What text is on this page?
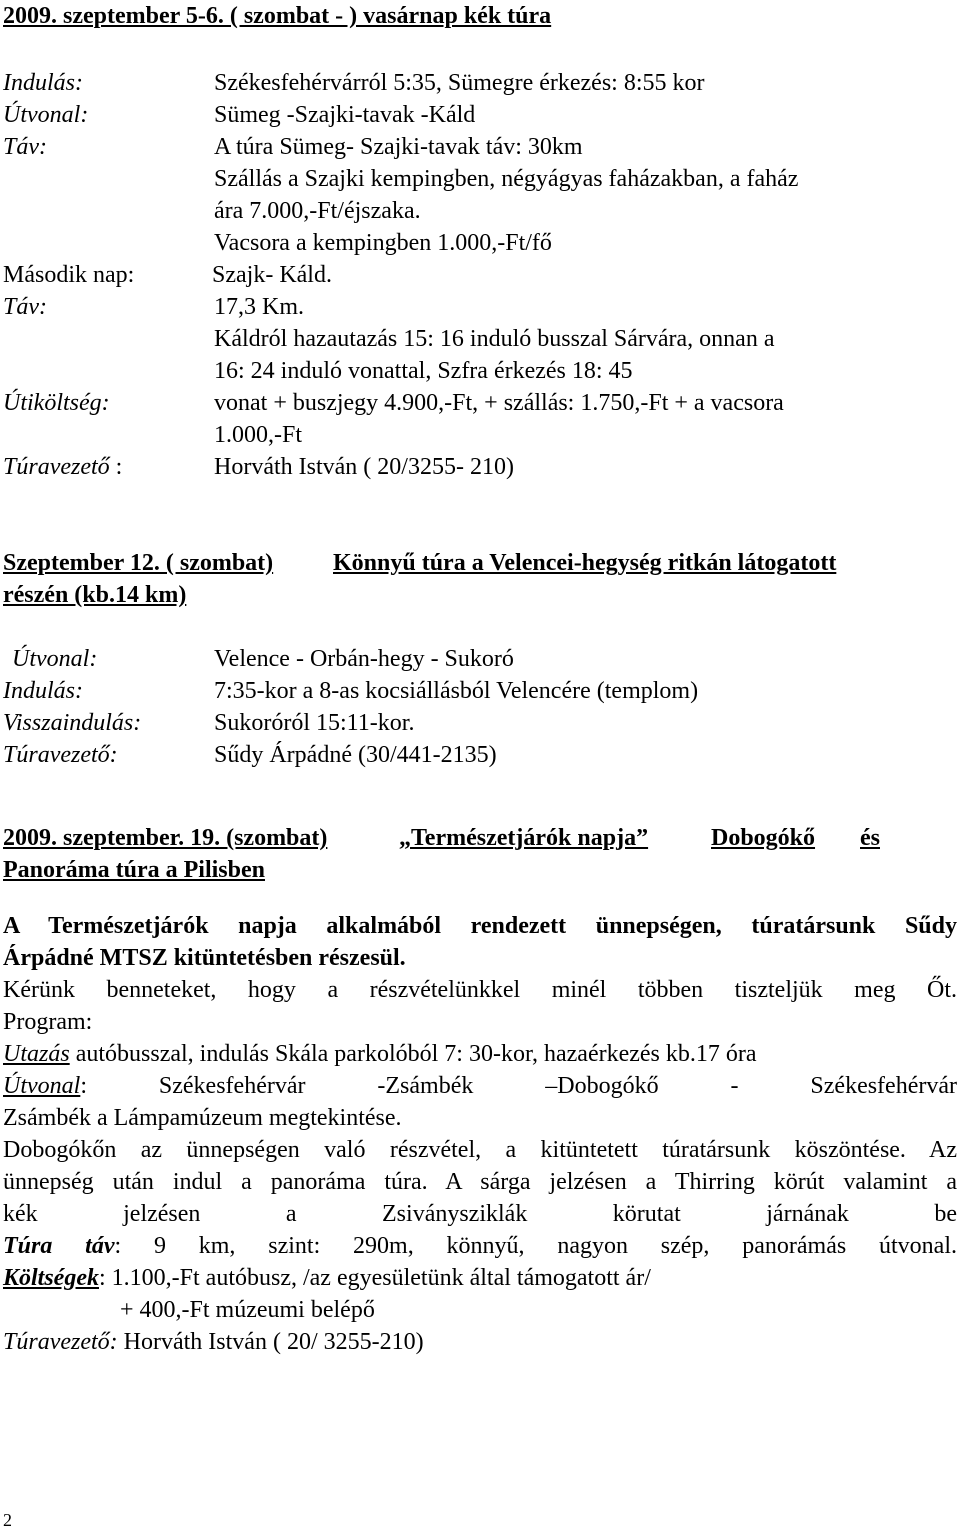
2009. szeptember 5-6. ( szombat - ) vasárnap kék túra
Indulás:	Székesfehérvárról 5:35, Sümegre érkezés: 8:55 kor
Útvonal:	Sümeg -Szajki-tavak -Káld
Táv:	A túra Sümeg- Szajki-tavak táv: 30km
Szállás a Szajki kempingben, négyágyas faházakban, a faház
ára 7.000,-Ft/éjszaka.
Vacsora a kempingben 1.000,-Ft/fő
Második nap:	Szajk- Káld.
Táv:	17,3 Km.
Káldról hazautazás 15: 16 induló busszal Sárvára, onnan a
16: 24 induló vonattal, Szfra érkezés 18: 45
Útiköltség:	vonat + buszjegy 4.900,-Ft, + szállás: 1.750,-Ft + a vacsora
1.000,-Ft
Túravezető :	Horváth István ( 20/3255- 210)
Szeptember 12. ( szombat) Könnyű túra a Velencei-hegység ritkán látogatott
részén (kb.14 km)
Útvonal:	Velence - Orbán-hegy - Sukoró
Indulás:	7:35-kor a 8-as kocsiállásból Velencére (templom)
Visszaindulás:	Sukoróról 15:11-kor.
Túravezető:	Sűdy Árpádné (30/441-2135)
2009. szeptember. 19. (szombat)	„Természetjárók napja”	Dobogókő és
Panoráma túra a Pilisben
A Természetjárók napja alkalmából rendezett ünnepségen, túratársunk Sűdy
Árpádné MTSZ kitüntetésben részesül.
Kérünk benneteket, hogy a részvételünkkel minél többen tiszteljük meg Őt.
Program:
Utazás autóbusszal, indulás Skála parkolóból 7: 30-kor, hazaérkezés kb.17 óra
Útvonal: Székesfehérvár -Zsámbék –Dobogókő - Székesfehérvár
Zsámbék a Lámpamúzeum megtekintése.
Dobogókőn az ünnepségen való részvétel, a kitüntetett túratársunk köszöntése. Az
ünnepség után indul a panoráma túra. A sárga jelzésen a Thirring körút valamint a
kék jelzésen a Zsiványsziklák körutat járnának be
Túra táv: 9 km, szint: 290m, könnyű, nagyon szép, panorámás útvonal.
Költségek: 1.100,-Ft autóbusz, /az egyesületünk által támogatott ár/
+ 400,-Ft múzeumi belépő
Túravezető: Horváth István ( 20/ 3255-210)
2
